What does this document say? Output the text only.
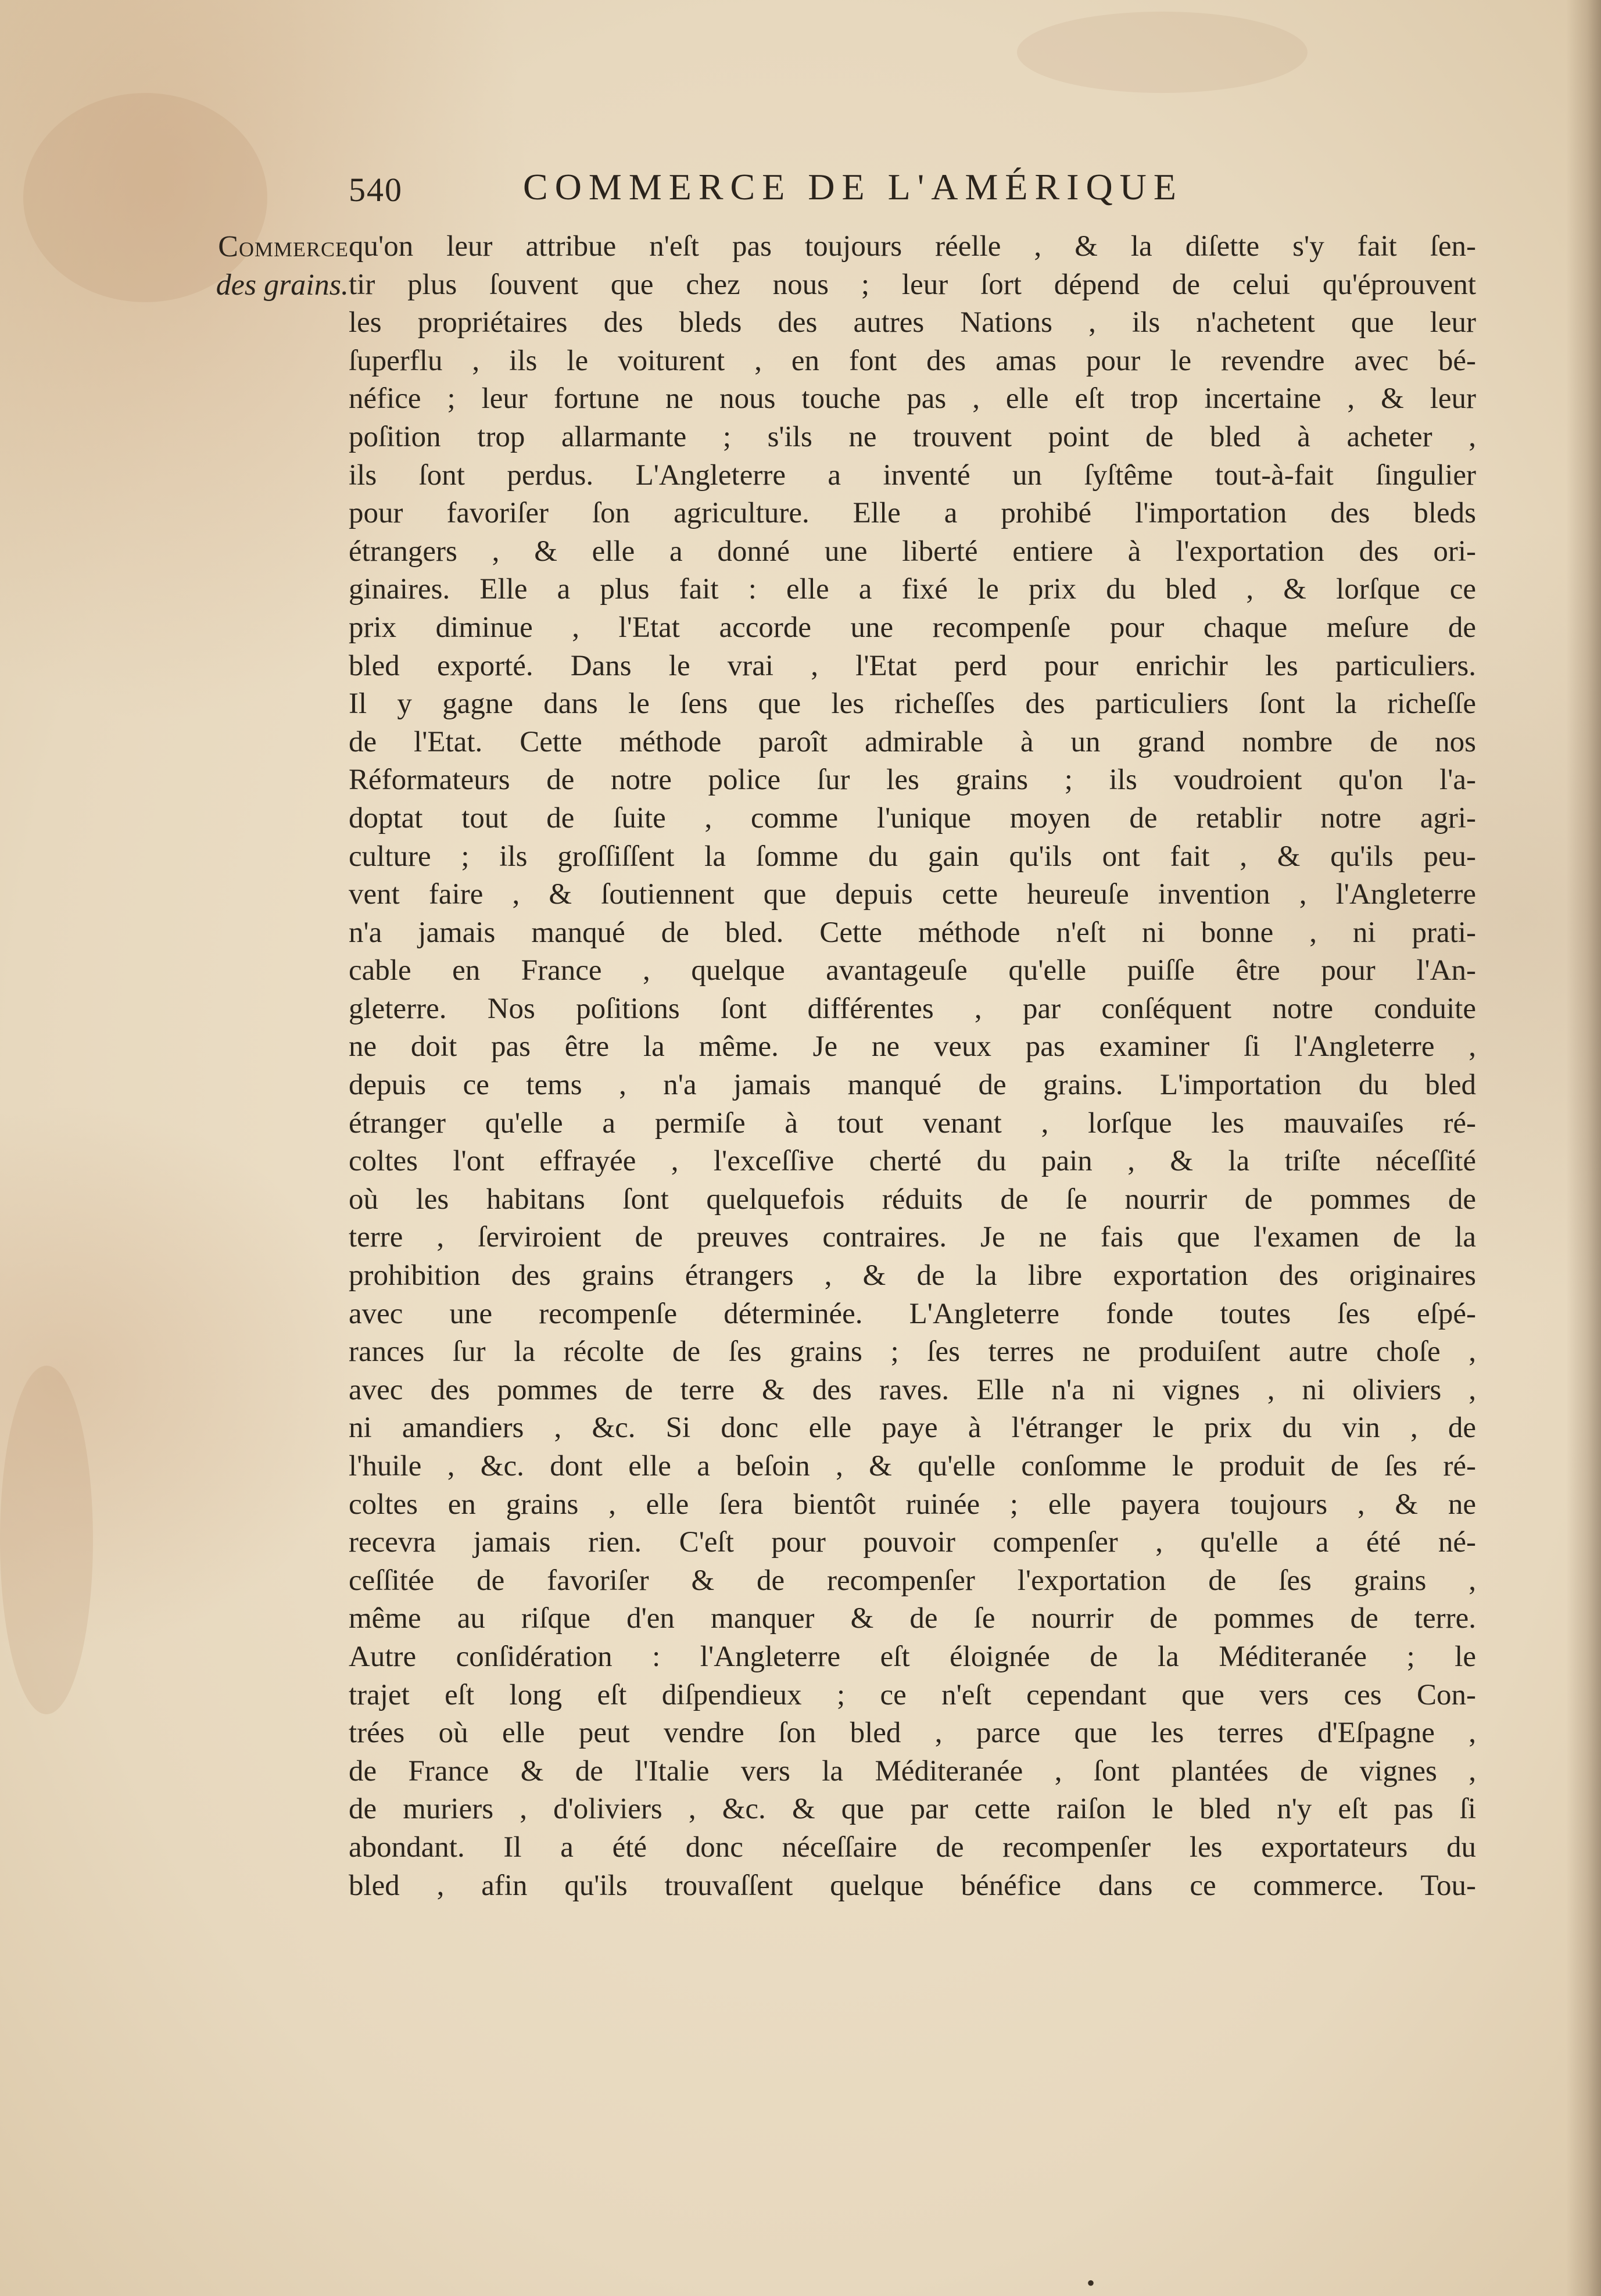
540	COMMERCE DE L'AMÉRIQUE
Commerce
des grains.
qu'on leur attribue n'eſt pas toujours réelle , & la diſette s'y fait ſen-
tir plus ſouvent que chez nous ; leur ſort dépend de celui qu'éprouvent
les propriétaires des bleds des autres Nations , ils n'achetent que leur
ſuperflu , ils le voiturent , en font des amas pour le revendre avec bé-
néfice ; leur fortune ne nous touche pas , elle eſt trop incertaine , & leur
poſition trop allarmante ; s'ils ne trouvent point de bled à acheter ,
ils ſont perdus. L'Angleterre a inventé un ſyſtême tout-à-fait ſingulier
pour favoriſer ſon agriculture. Elle a prohibé l'importation des bleds
étrangers , & elle a donné une liberté entiere à l'exportation des ori-
ginaires. Elle a plus fait : elle a fixé le prix du bled , & lorſque ce
prix diminue , l'Etat accorde une recompenſe pour chaque meſure de
bled exporté. Dans le vrai , l'Etat perd pour enrichir les particuliers.
Il y gagne dans le ſens que les richeſſes des particuliers ſont la richeſſe
de l'Etat. Cette méthode paroît admirable à un grand nombre de nos
Réformateurs de notre police ſur les grains ; ils voudroient qu'on l'a-
doptat tout de ſuite , comme l'unique moyen de retablir notre agri-
culture ; ils groſſiſſent la ſomme du gain qu'ils ont fait , & qu'ils peu-
vent faire , & ſoutiennent que depuis cette heureuſe invention , l'Angleterre
n'a jamais manqué de bled. Cette méthode n'eſt ni bonne , ni prati-
cable en France , quelque avantageuſe qu'elle puiſſe être pour l'An-
gleterre. Nos poſitions ſont différentes , par conſéquent notre conduite
ne doit pas être la même. Je ne veux pas examiner ſi l'Angleterre ,
depuis ce tems , n'a jamais manqué de grains. L'importation du bled
étranger qu'elle a permiſe à tout venant , lorſque les mauvaiſes ré-
coltes l'ont effrayée , l'exceſſive cherté du pain , & la triſte néceſſité
où les habitans ſont quelquefois réduits de ſe nourrir de pommes de
terre , ſerviroient de preuves contraires. Je ne fais que l'examen de la
prohibition des grains étrangers , & de la libre exportation des originaires
avec une recompenſe déterminée. L'Angleterre fonde toutes ſes eſpé-
rances ſur la récolte de ſes grains ; ſes terres ne produiſent autre choſe ,
avec des pommes de terre & des raves. Elle n'a ni vignes , ni oliviers ,
ni amandiers , &c. Si donc elle paye à l'étranger le prix du vin , de
l'huile , &c. dont elle a beſoin , & qu'elle conſomme le produit de ſes ré-
coltes en grains , elle ſera bientôt ruinée ; elle payera toujours , & ne
recevra jamais rien. C'eſt pour pouvoir compenſer , qu'elle a été né-
ceſſitée de favoriſer & de recompenſer l'exportation de ſes grains ,
même au riſque d'en manquer & de ſe nourrir de pommes de terre.
Autre conſidération : l'Angleterre eſt éloignée de la Méditeranée ; le
trajet eſt long eſt diſpendieux ; ce n'eſt cependant que vers ces Con-
trées où elle peut vendre ſon bled , parce que les terres d'Eſpagne ,
de France & de l'Italie vers la Méditeranée , ſont plantées de vignes ,
de muriers , d'oliviers , &c. & que par cette raiſon le bled n'y eſt pas ſi
abondant. Il a été donc néceſſaire de recompenſer les exportateurs du
bled , afin qu'ils trouvaſſent quelque bénéfice dans ce commerce. Tou-
•
